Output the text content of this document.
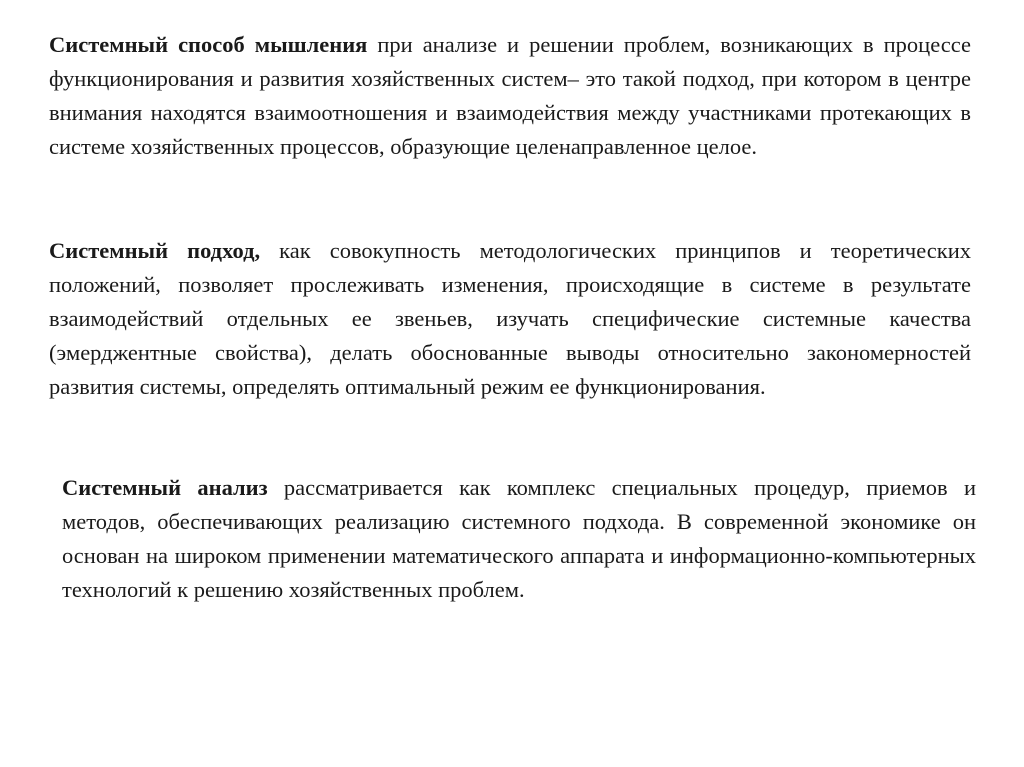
Системный способ мышления при анализе и решении проблем, возникающих в процессе функционирования и развития хозяйственных систем– это такой подход, при котором в центре внимания находятся взаимоотношения и взаимодействия между участниками протекающих в системе хозяйственных процессов, образующие целенаправленное целое.

Системный подход, как совокупность методологических принципов и теоретических положений, позволяет прослеживать изменения, происходящие в системе в результате взаимодействий отдельных ее звеньев, изучать специфические системные качества (эмерджентные свойства), делать обоснованные выводы относительно закономерностей развития системы, определять оптимальный режим ее функционирования.

Системный анализ рассматривается как комплекс специальных процедур, приемов и методов, обеспечивающих реализацию системного подхода. В современной экономике он основан на широком применении математического аппарата и информационно-компьютерных технологий к решению хозяйственных проблем.
